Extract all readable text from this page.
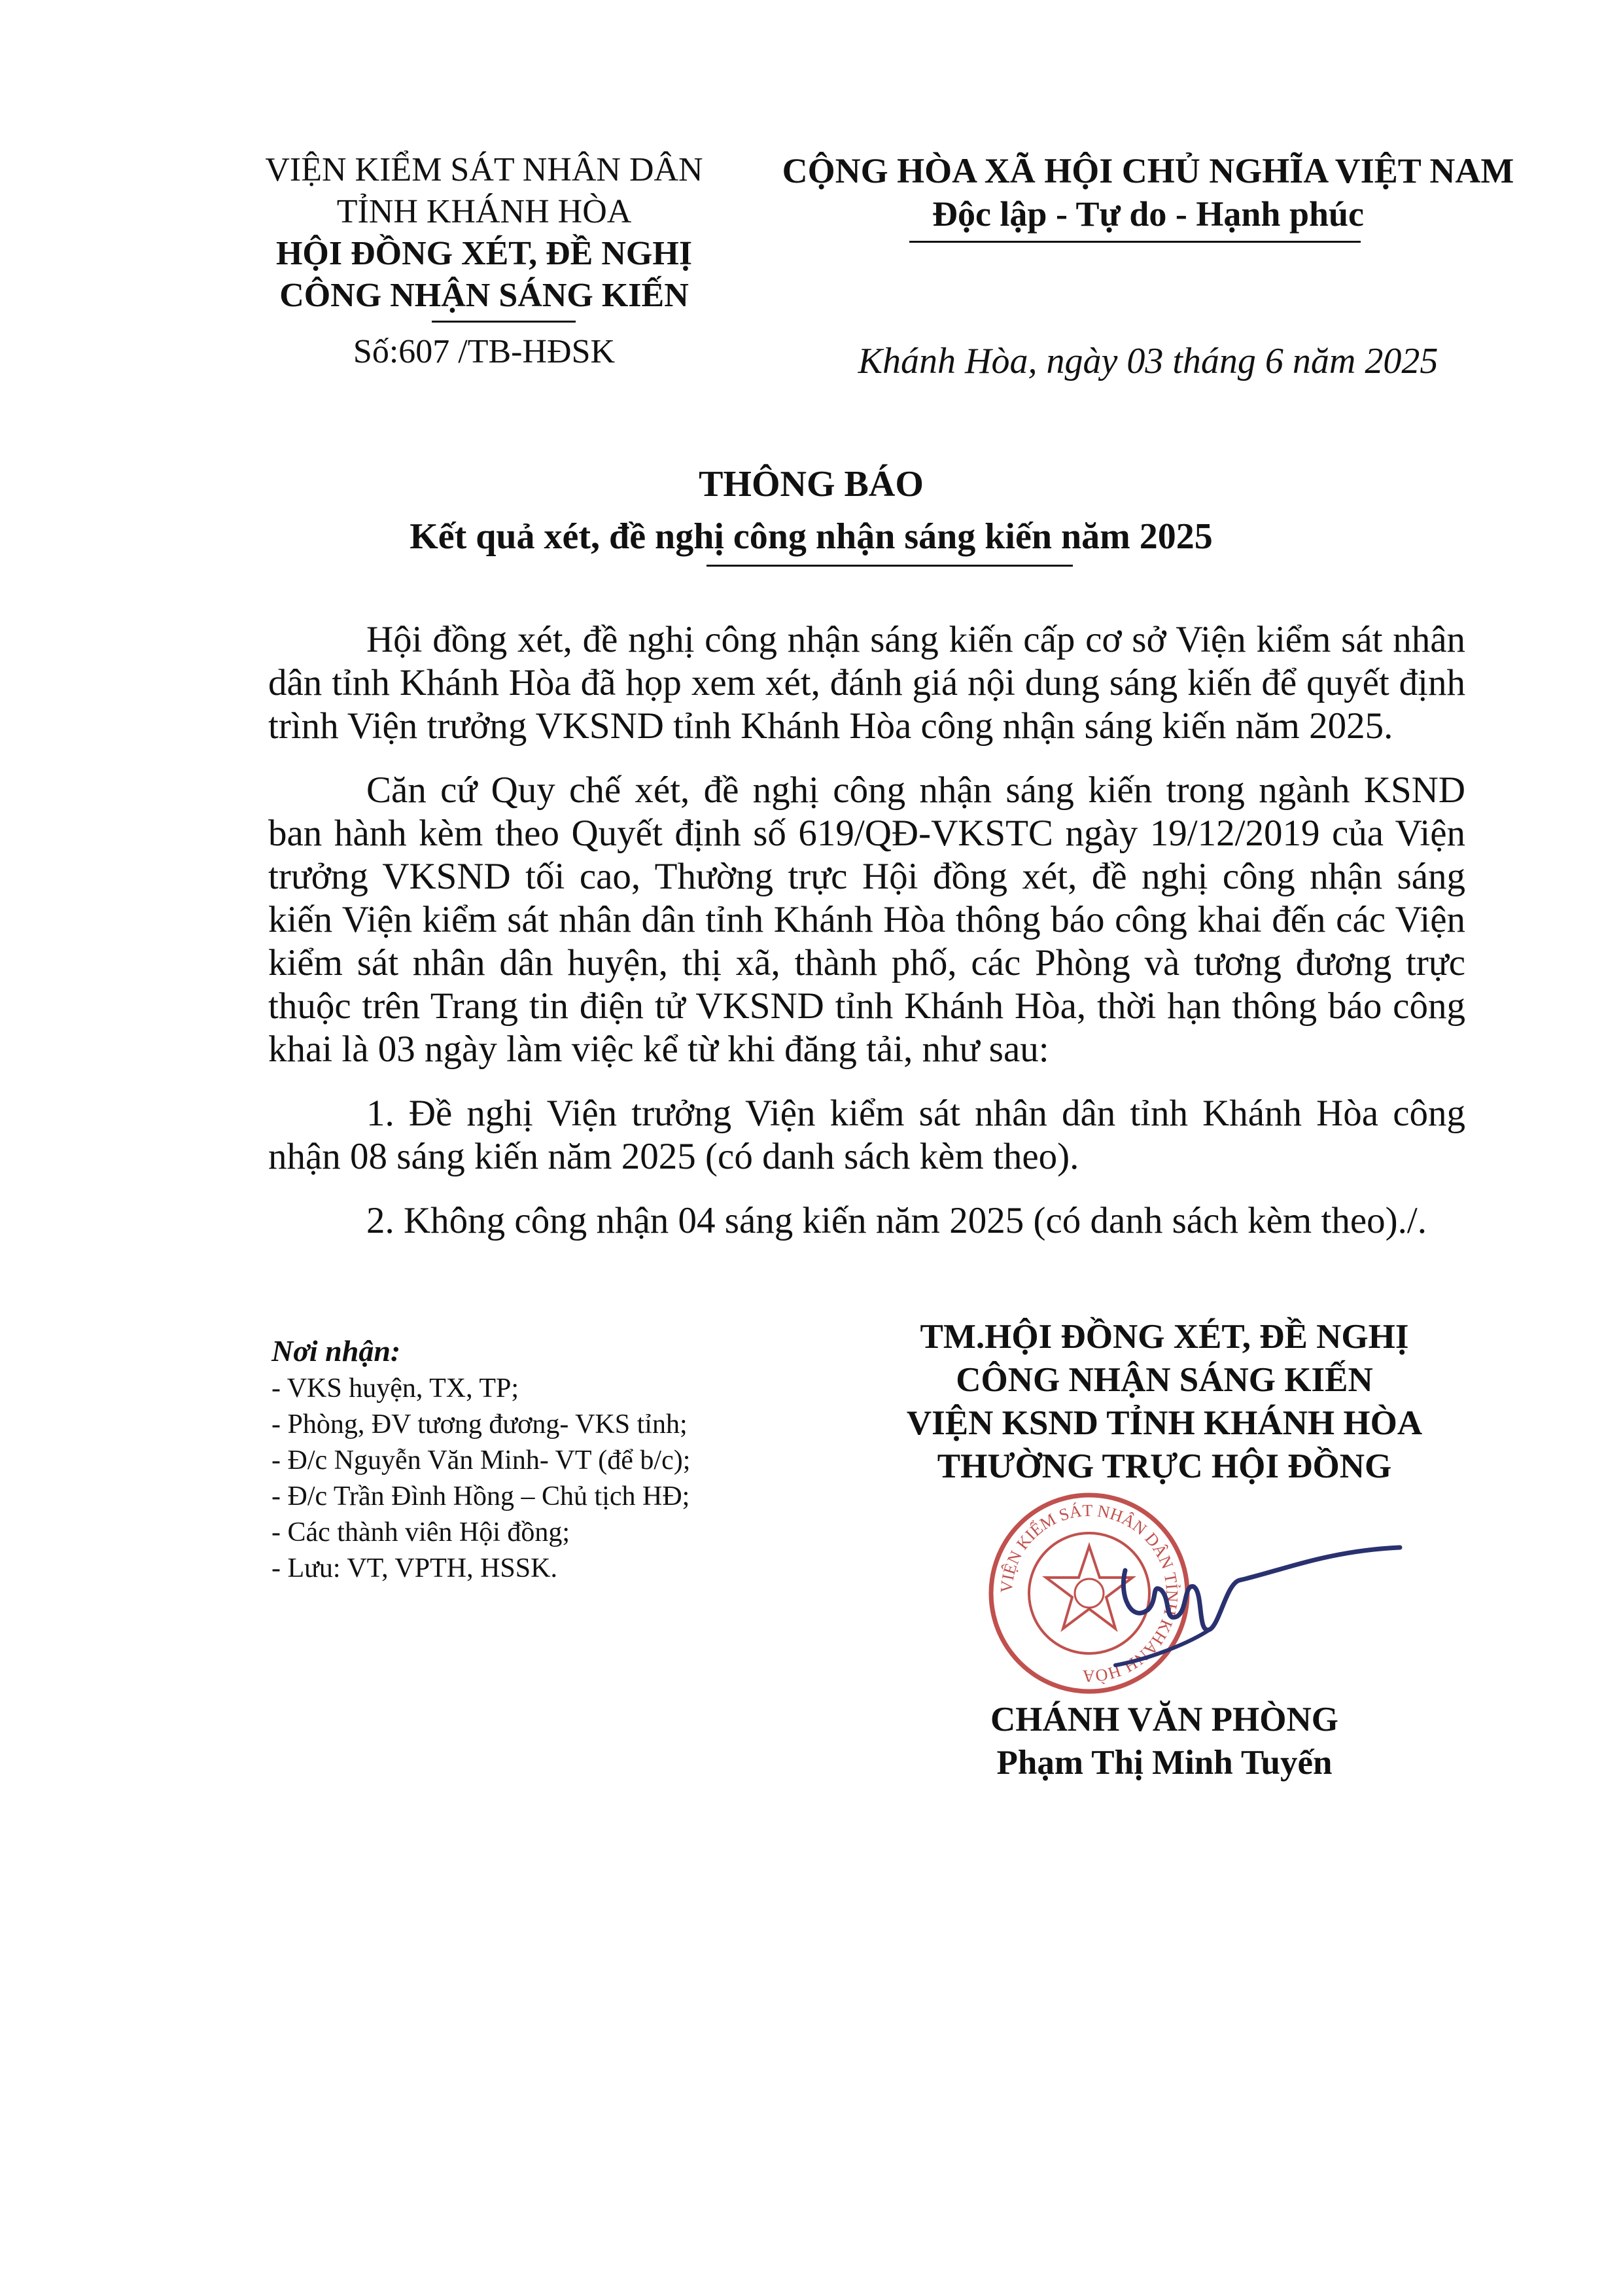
VIỆN KIỂM SÁT NHÂN DÂN
TỈNH KHÁNH HÒA
HỘI ĐỒNG XÉT, ĐỀ NGHỊ
CÔNG NHẬN SÁNG KIẾN
Số:607 /TB-HĐSK
CỘNG HÒA XÃ HỘI CHỦ NGHĨA VIỆT NAM
Độc lập - Tự do - Hạnh phúc
Khánh Hòa, ngày 03 tháng 6 năm 2025
THÔNG BÁO
Kết quả xét, đề nghị công nhận sáng kiến năm 2025

Hội đồng xét, đề nghị công nhận sáng kiến cấp cơ sở Viện kiểm sát nhân dân tỉnh Khánh Hòa đã họp xem xét, đánh giá nội dung sáng kiến để quyết định trình Viện trưởng VKSND tỉnh Khánh Hòa công nhận sáng kiến năm 2025.

Căn cứ Quy chế xét, đề nghị công nhận sáng kiến trong ngành KSND ban hành kèm theo Quyết định số 619/QĐ-VKSTC ngày 19/12/2019 của Viện trưởng VKSND tối cao, Thường trực Hội đồng xét, đề nghị công nhận sáng kiến Viện kiểm sát nhân dân tỉnh Khánh Hòa thông báo công khai đến các Viện kiểm sát nhân dân huyện, thị xã, thành phố, các Phòng và tương đương trực thuộc trên Trang tin điện tử VKSND tỉnh Khánh Hòa, thời hạn thông báo công khai là 03 ngày làm việc kể từ khi đăng tải, như sau:

1. Đề nghị Viện trưởng Viện kiểm sát nhân dân tỉnh Khánh Hòa công nhận 08 sáng kiến năm 2025 (có danh sách kèm theo).

2. Không công nhận 04 sáng kiến năm 2025 (có danh sách kèm theo)./.

Nơi nhận:
- VKS huyện, TX, TP;
- Phòng, ĐV tương đương- VKS tỉnh;
- Đ/c Nguyễn Văn Minh- VT (để b/c);
- Đ/c Trần Đình Hồng – Chủ tịch HĐ;
- Các thành viên Hội đồng;
- Lưu: VT, VPTH, HSSK.
TM.HỘI ĐỒNG XÉT, ĐỀ NGHỊ
CÔNG NHẬN SÁNG KIẾN
VIỆN KSND TỈNH KHÁNH HÒA
THƯỜNG TRỰC HỘI ĐỒNG
VIỆN KIỂM SÁT NHÂN DÂN TỈNH KHÁNH HÒA
CHÁNH VĂN PHÒNG
Phạm Thị Minh Tuyến
